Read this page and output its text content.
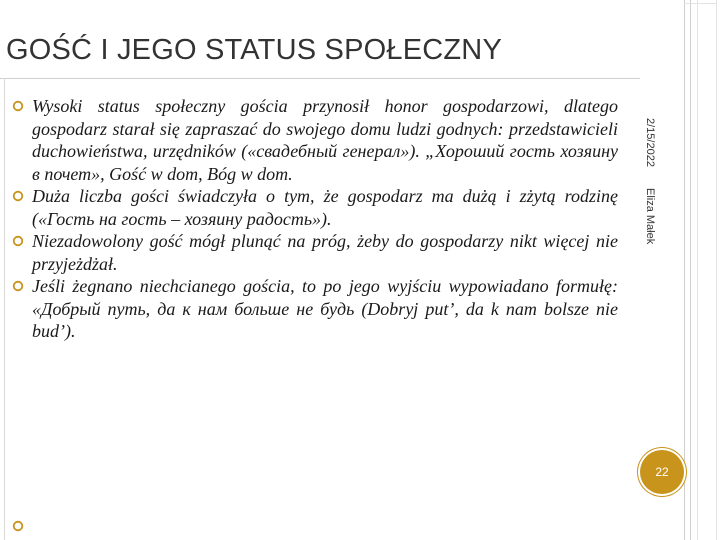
GOŚĆ I JEGO STATUS SPOŁECZNY

Wysoki status społeczny gościa przynosił honor gospodarzowi, dlatego gospodarz starał się zapraszać do swojego domu ludzi godnych: przedstawicieli duchowieństwa, urzędników («свадебный генерал»). „Хороший гость хозяину в почет», Gość w dom, Bóg w dom.

Duża liczba gości świadczyła o tym, że gospodarz ma dużą i zżytą rodzinę («Гость на гость – хозяину радость»).

Niezadowolony gość mógł plunąć na próg, żeby do gospodarzy nikt więcej nie przyjeżdżał.

Jeśli żegnano niechcianego gościa, to po jego wyjściu wypowiadano formułę: «Добрый путь, да к нам больше не будь (Dobryj put’, da k nam bolsze nie bud’).

2/15/2022
Eliza Małek
22
